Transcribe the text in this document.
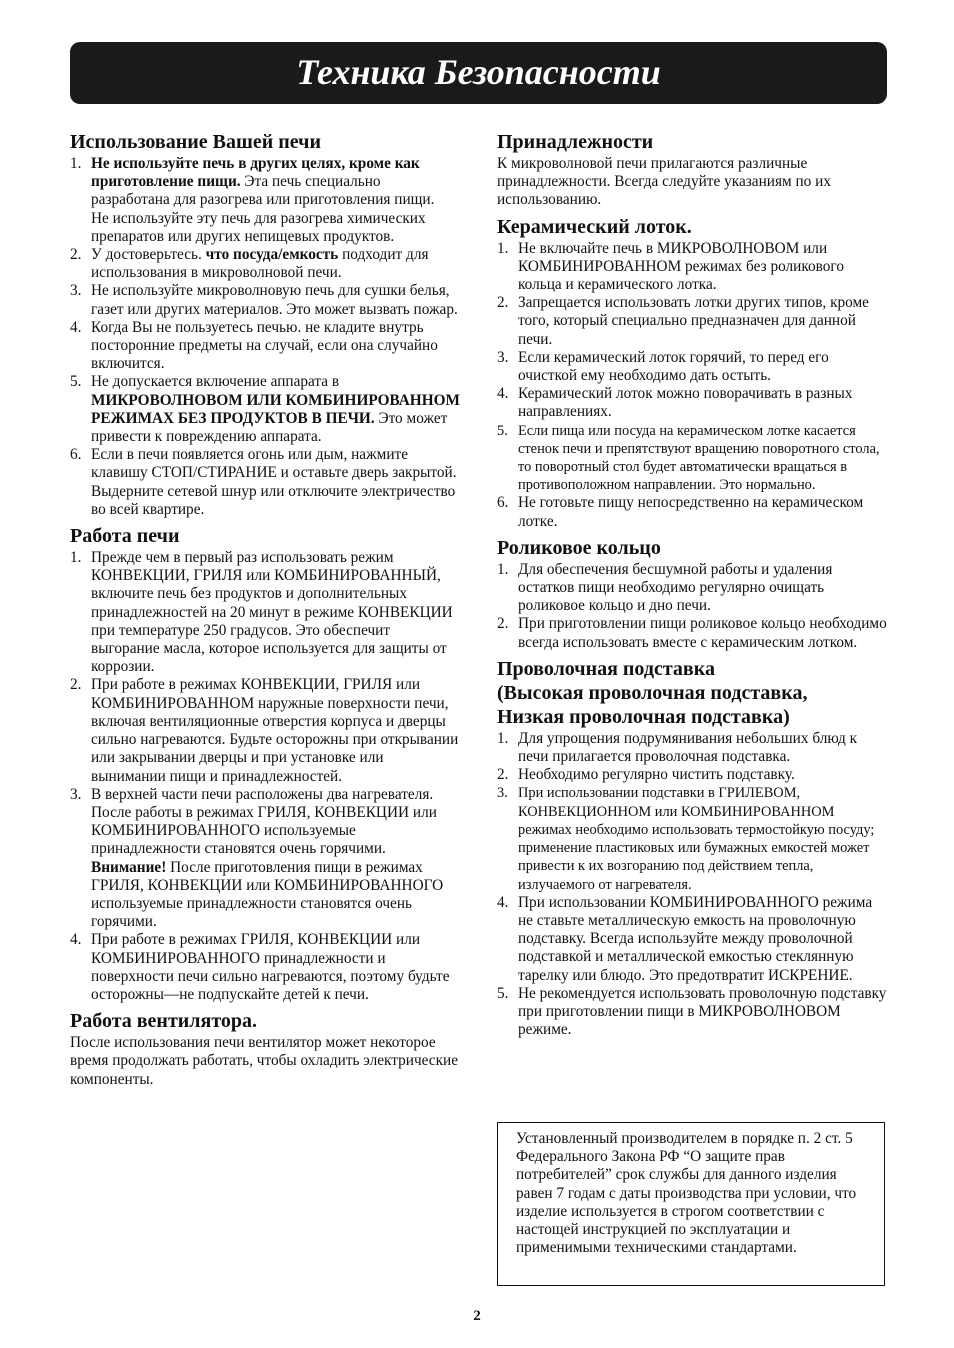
Техника Безопасности
Использование Вашей печи
1. Не используйте печь в других целях, кроме как приготовление пищи. Эта печь специально разработана для разогрева или приготовления пищи.
Не используйте эту печь для разогрева химических препаратов или других непищевых продуктов.
2. У достоверьтесь. что посуда/емкость подходит для использования в микроволновой печи.
3. Не используйте микроволновую печь для сушки белья, газет или других материалов. Это может вызвать пожар.
4. Когда Вы не пользуетесь печью. не кладите внутрь посторонние предметы на случай, если она случайно включится.
5. Не допускается включение аппарата в МИКРОВОЛНОВОМ ИЛИ КОМБИНИРОВАННОМ РЕЖИМАХ БЕЗ ПРОДУКТОВ В ПЕЧИ. Это может привести к повреждению аппарата.
6. Если в печи появляется огонь или дым, нажмите клавишу СТОП/СТИРАНИЕ и оставьте дверь закрытой. Выдерните сетевой шнур или отключите электричество во всей квартире.
Работа печи
1. Прежде чем в первый раз использовать режим КОНВЕКЦИИ, ГРИЛЯ или КОМБИНИРОВАННЫЙ, включите печь без продуктов и дополнительных принадлежностей на 20 минут в режиме КОНВЕКЦИИ при температуре 250 градусов. Это обеспечит выгорание масла, которое используется для защиты от коррозии.
2. При работе в режимах КОНВЕКЦИИ, ГРИЛЯ или КОМБИНИРОВАННОМ наружные поверхности печи, включая вентиляционные отверстия корпуса и дверцы сильно нагреваются. Будьте осторожны при открывании или закрывании дверцы и при установке или вынимании пищи и принадлежностей.
3. В верхней части печи расположены два нагревателя. После работы в режимах ГРИЛЯ, КОНВЕКЦИИ или КОМБИНИРОВАННОГО используемые принадлежности становятся очень горячими.
Внимание! После приготовления пищи в режимах ГРИЛЯ, КОНВЕКЦИИ или КОМБИНИРОВАННОГО используемые принадлежности становятся очень горячими.
4. При работе в режимах ГРИЛЯ, КОНВЕКЦИИ или КОМБИНИРОВАННОГО принадлежности и поверхности печи сильно нагреваются, поэтому будьте осторожны—не подпускайте детей к печи.
Работа вентилятора.

После использования печи вентилятор может некоторое время продолжать работать, чтобы охладить электрические компоненты.

Принадлежности

К микроволновой печи прилагаются различные принадлежности. Всегда следуйте указаниям по их использованию.

Керамический лоток.
1. Не включайте печь в МИКРОВОЛНОВОМ или КОМБИНИРОВАННОМ режимах без роликового кольца и керамического лотка.
2. Запрещается использовать лотки других типов, кроме того, который специально предназначен для данной печи.
3. Если керамический лоток горячий, то перед его очисткой ему необходимо дать остыть.
4. Керамический лоток можно поворачивать в разных направлениях.
5. Если пища или посуда на керамическом лотке касается стенок печи и препятствуют вращению поворотного стола, то поворотный стол будет автоматически вращаться в противоположном направлении. Это нормально.
6. Не готовьте пищу непосредственно на керамическом лотке.
Роликовое кольцо
1. Для обеспечения бесшумной работы и удаления остатков пищи необходимо регулярно очищать роликовое кольцо и дно печи.
2. При приготовлении пищи роликовое кольцо необходимо всегда использовать вместе с керамическим лотком.
Проволочная подставка
(Высокая проволочная подставка,
Низкая проволочная подставка)
1. Для упрощения подрумянивания небольших блюд к печи прилагается проволочная подставка.
2. Необходимо регулярно чистить подставку.
3. При использовании подставки в ГРИЛЕВОМ, КОНВЕКЦИОННОМ или КОМБИНИРОВАННОМ режимах необходимо использовать термостойкую посуду; применение пластиковых или бумажных емкостей может привести к их возгоранию под действием тепла, излучаемого от нагревателя.
4. При использовании КОМБИНИРОВАННОГО режима не ставьте металлическую емкость на проволочную подставку. Всегда используйте между проволочной подставкой и металлической емкостью стеклянную тарелку или блюдо. Это предотвратит ИСКРЕНИЕ.
5. Не рекомендуется использовать проволочную подставку при приготовлении пищи в МИКРОВОЛНОВОМ режиме.
Установленный производителем в порядке п. 2 ст. 5 Федерального Закона РФ “О защите прав потребителей” срок службы для данного изделия равен 7 годам с даты производства при условии, что изделие используется в строгом соответствии с настощей инструкцией по эксплуатации и применимыми техническими стандартами.
2
